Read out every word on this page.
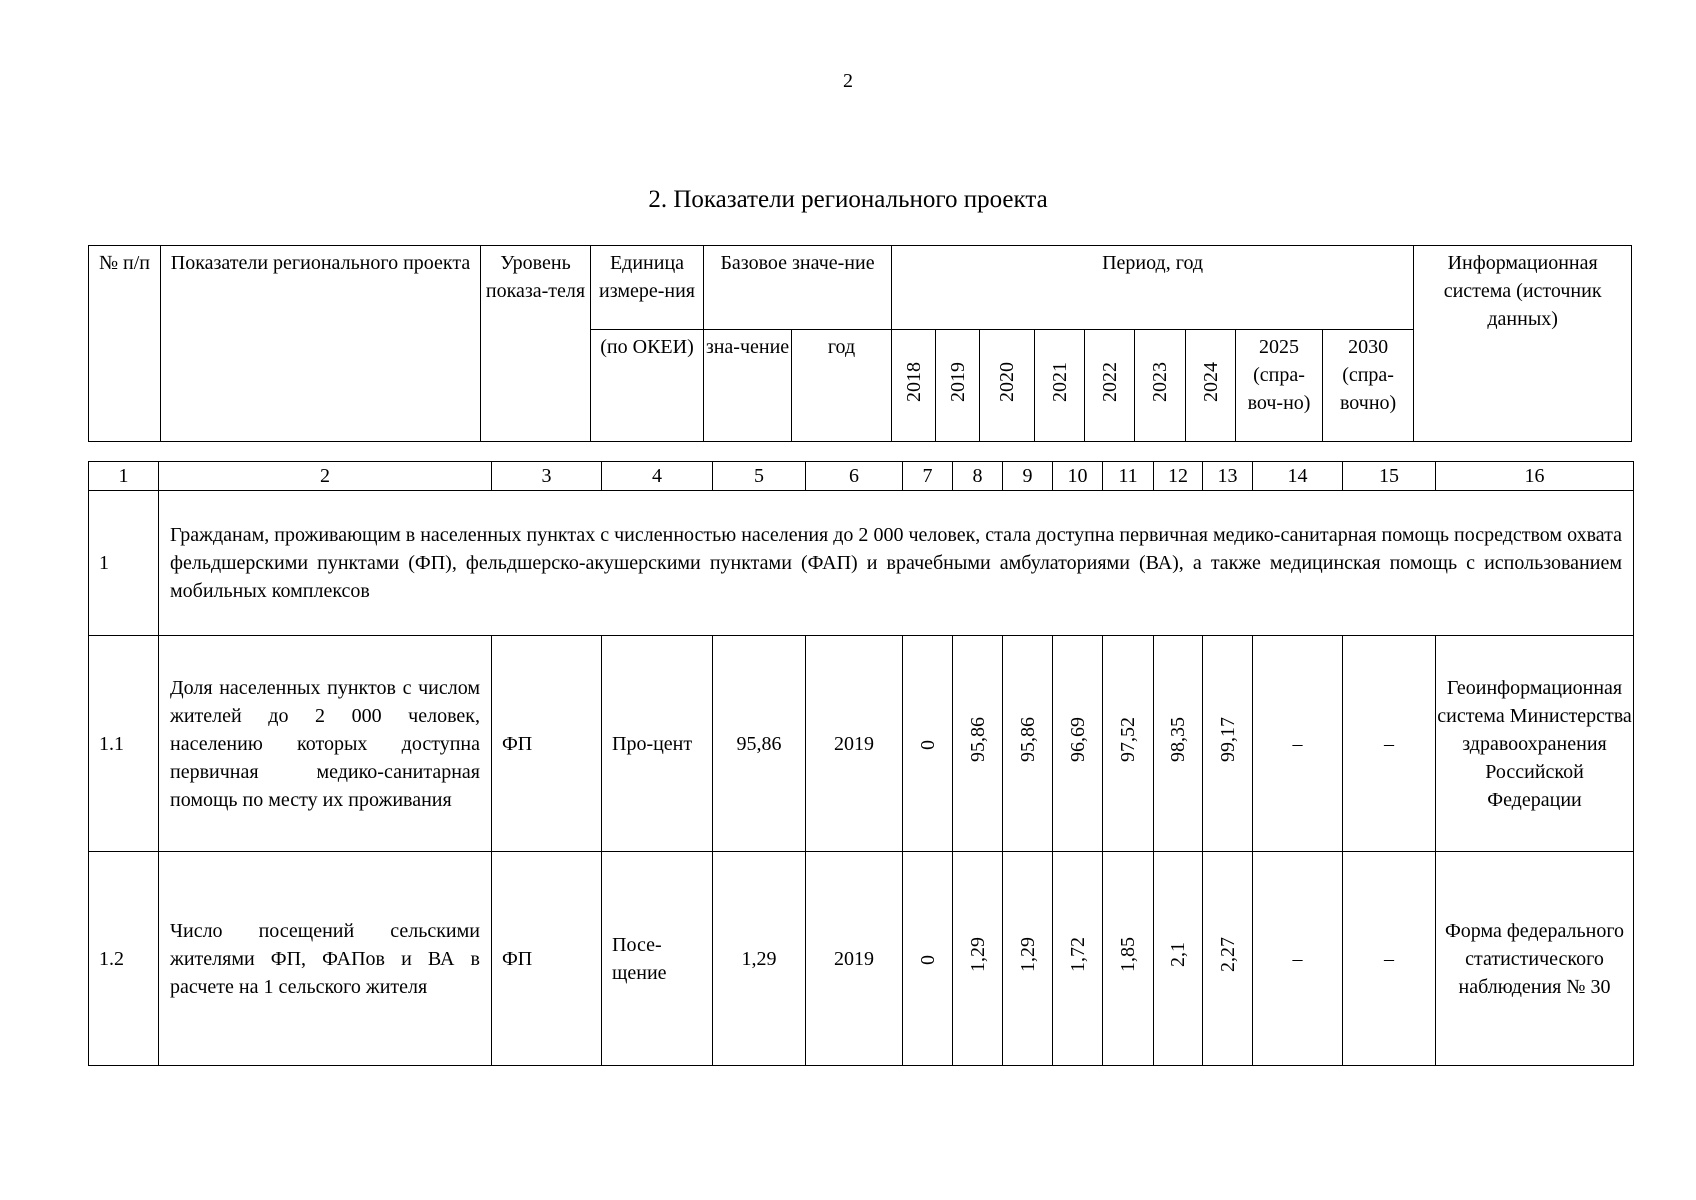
2
2. Показатели регионального проекта
№ п/п	Показатели регионального проекта	Уровень показа-теля	Единица измере-ния	Базовое значе-ние		Период, год									Информационная система (источник данных)
			(по ОКЕИ)	зна-чение	год	2018	2019	2020	2021	2022	2023	2024	2025 (спра-воч-но)	2030 (спра-вочно)	
1	2	3	4	5	6	7	8	9	10	11	12	13	14	15	16
1	Гражданам, проживающим в населенных пунктах с численностью населения до 2 000 человек, стала доступна первичная медико-санитарная помощь посредством охвата фельдшерскими пунктами (ФП), фельдшерско-акушерскими пунктами (ФАП) и врачебными амбулаториями (ВА), а также медицинская помощь с использованием мобильных комплексов														
1.1	Доля населенных пунктов с числом жителей до 2 000 человек, населению которых доступна первичная медико-санитарная помощь по месту их проживания	ФП	Про-цент	95,86	2019	0	95,86	95,86	96,69	97,52	98,35	99,17	–	–	Геоинформационная система Министерства здравоохранения Российской Федерации
1.2	Число посещений сельскими жителями ФП, ФАПов и ВА в расчете на 1 сельского жителя	ФП	Посе-щение	1,29	2019	0	1,29	1,29	1,72	1,85	2,1	2,27	–	–	Форма федерального статистического наблюдения № 30
